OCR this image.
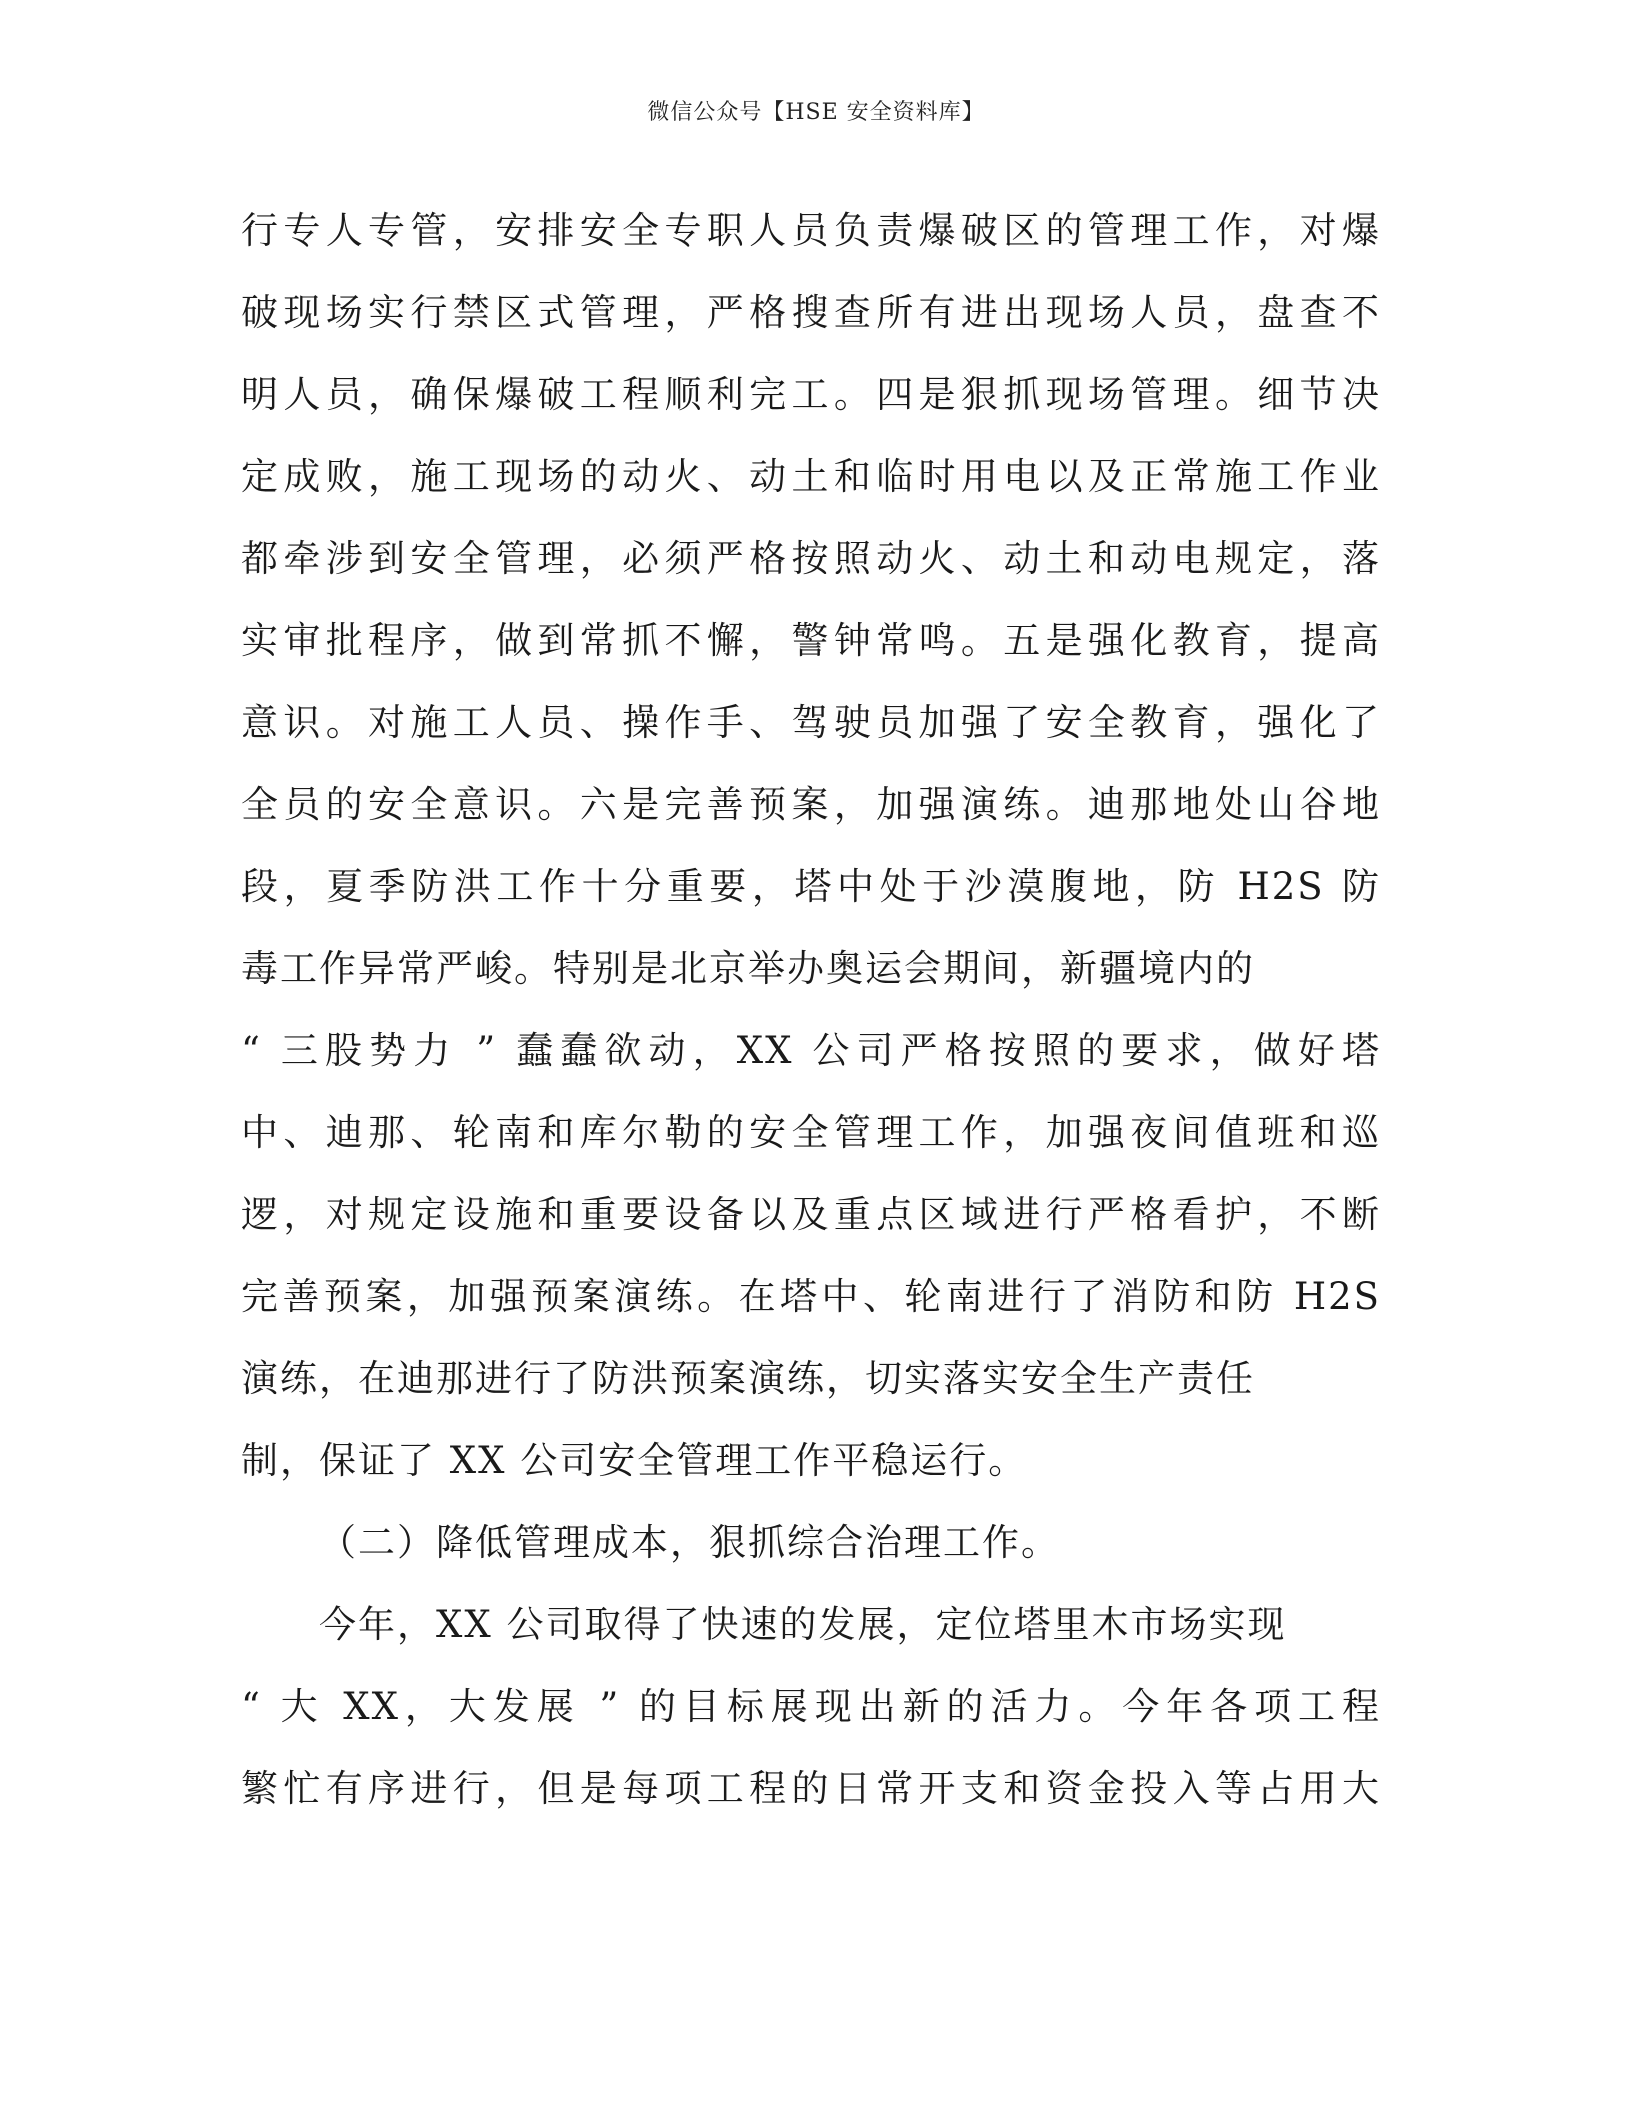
微信公众号【HSE 安全资料库】
行专人专管，安排安全专职人员负责爆破区的管理工作，对爆
破现场实行禁区式管理，严格搜查所有进出现场人员，盘查不
明人员，确保爆破工程顺利完工。四是狠抓现场管理。细节决
定成败，施工现场的动火、动土和临时用电以及正常施工作业
都牵涉到安全管理，必须严格按照动火、动土和动电规定，落
实审批程序，做到常抓不懈，警钟常鸣。五是强化教育，提高
意识。对施工人员、操作手、驾驶员加强了安全教育，强化了
全员的安全意识。六是完善预案，加强演练。迪那地处山谷地
段，夏季防洪工作十分重要，塔中处于沙漠腹地，防 H2S 防
毒工作异常严峻。特别是北京举办奥运会期间，新疆境内的
“ 三股势力 ” 蠢蠢欲动，XX 公司严格按照的要求，做好塔
中、迪那、轮南和库尔勒的安全管理工作，加强夜间值班和巡
逻，对规定设施和重要设备以及重点区域进行严格看护，不断
完善预案，加强预案演练。在塔中、轮南进行了消防和防 H2S
演练，在迪那进行了防洪预案演练，切实落实安全生产责任
制，保证了 XX 公司安全管理工作平稳运行。
（二）降低管理成本，狠抓综合治理工作。
今年，XX 公司取得了快速的发展，定位塔里木市场实现
“ 大 XX，大发展 ” 的目标展现出新的活力。今年各项工程
繁忙有序进行，但是每项工程的日常开支和资金投入等占用大
